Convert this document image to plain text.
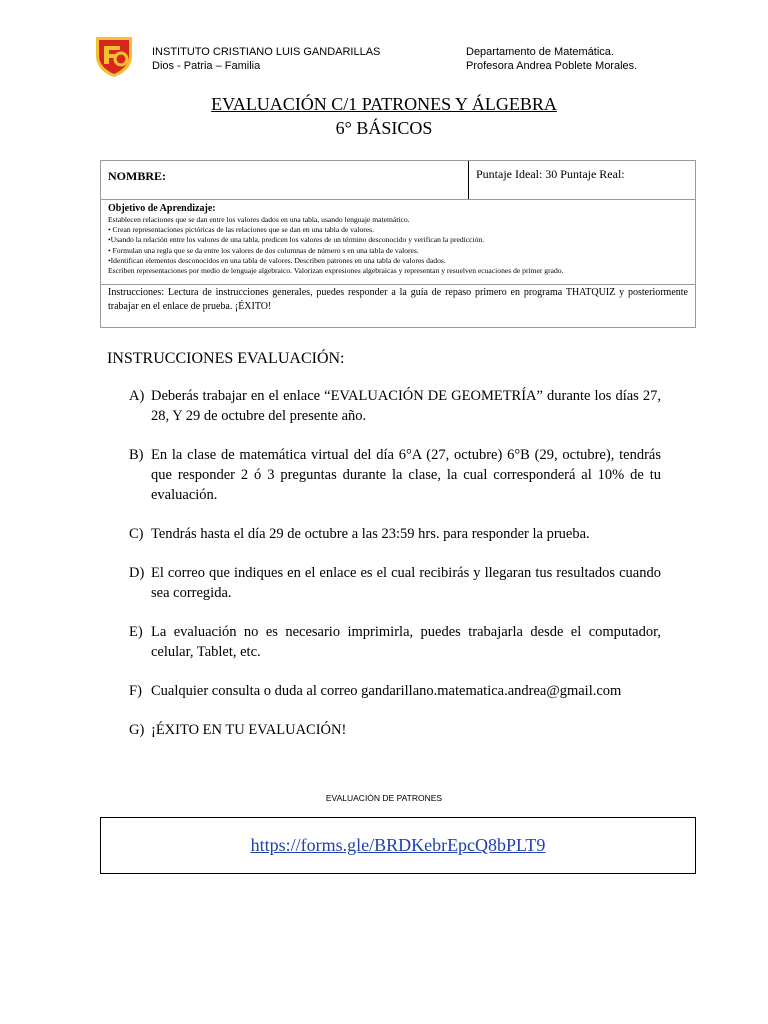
INSTITUTO CRISTIANO LUIS GANDARILLAS
Dios - Patria – Familia
Departamento de Matemática.
Profesora Andrea Poblete Morales.
EVALUACIÓN C/1 PATRONES Y ÁLGEBRA
6° BÁSICOS
NOMBRE:	Puntaje Ideal: 30 Puntaje Real:
Objetivo de Aprendizaje:
Establecen relaciones que se dan entre los valores dados en una tabla, usando lenguaje matemático.
• Crean representaciones pictóricas de las relaciones que se dan en una tabla de valores.
•Usando la relación entre los valores de una tabla, predicen los valores de un término desconocido y verifican la predicción.
• Formulan una regla que se da entre los valores de dos columnas de número s en una tabla de valores.
•Identifican elementos desconocidos en una tabla de valores. Describen patrones en una tabla de valores dados.
Escriben representaciones por medio de lenguaje algebraico. Valorizan expresiones algebraicas y representan y resuelven ecuaciones de primer grado.
Instrucciones: Lectura de instrucciones generales, puedes responder a la guía de repaso primero en programa THATQUIZ y posteriormente trabajar en el enlace de prueba. ¡ÉXITO!
INSTRUCCIONES EVALUACIÓN:
A) Deberás trabajar en el enlace “EVALUACIÓN DE GEOMETRÍA” durante los días 27, 28, Y 29 de octubre del presente año.
B) En la clase de matemática virtual del día 6°A (27, octubre) 6°B (29, octubre), tendrás que responder 2 ó 3 preguntas durante la clase, la cual corresponderá al 10% de tu evaluación.
C) Tendrás hasta el día 29 de octubre a las 23:59 hrs. para responder la prueba.
D) El correo que indiques en el enlace es el cual recibirás y llegaran tus resultados cuando sea corregida.
E) La evaluación no es necesario imprimirla, puedes trabajarla desde el computador, celular, Tablet, etc.
F) Cualquier consulta o duda al correo gandarillano.matematica.andrea@gmail.com
G) ¡ÉXITO EN TU EVALUACIÓN!
EVALUACIÓN DE PATRONES
https://forms.gle/BRDKebrEpcQ8bPLT9
